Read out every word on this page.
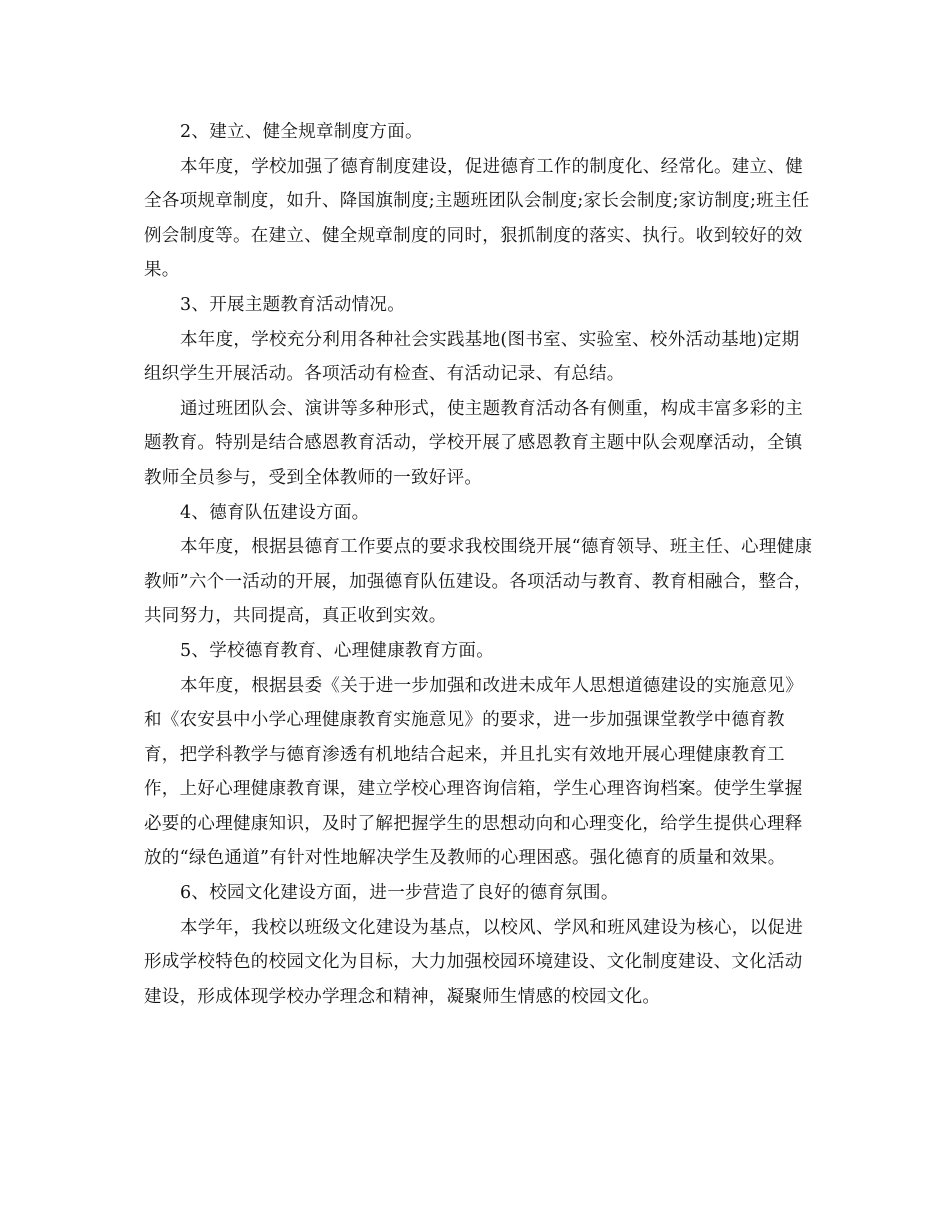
2、建立、健全规章制度方面。

本年度，学校加强了德育制度建设，促进德育工作的制度化、经常化。建立、健全各项规章制度，如升、降国旗制度;主题班团队会制度;家长会制度;家访制度;班主任例会制度等。在建立、健全规章制度的同时，狠抓制度的落实、执行。收到较好的效果。

3、开展主题教育活动情况。

本年度，学校充分利用各种社会实践基地(图书室、实验室、校外活动基地)定期组织学生开展活动。各项活动有检查、有活动记录、有总结。

通过班团队会、演讲等多种形式，使主题教育活动各有侧重，构成丰富多彩的主题教育。特别是结合感恩教育活动，学校开展了感恩教育主题中队会观摩活动，全镇教师全员参与，受到全体教师的一致好评。

4、德育队伍建设方面。

本年度，根据县德育工作要点的要求我校围绕开展“德育领导、班主任、心理健康教师”六个一活动的开展，加强德育队伍建设。各项活动与教育、教育相融合，整合，共同努力，共同提高，真正收到实效。

5、学校德育教育、心理健康教育方面。

本年度，根据县委《关于进一步加强和改进未成年人思想道德建设的实施意见》和《农安县中小学心理健康教育实施意见》的要求，进一步加强课堂教学中德育教育，把学科教学与德育渗透有机地结合起来，并且扎实有效地开展心理健康教育工作，上好心理健康教育课，建立学校心理咨询信箱，学生心理咨询档案。使学生掌握必要的心理健康知识，及时了解把握学生的思想动向和心理变化，给学生提供心理释放的“绿色通道”有针对性地解决学生及教师的心理困惑。强化德育的质量和效果。

6、校园文化建设方面，进一步营造了良好的德育氛围。

本学年，我校以班级文化建设为基点，以校风、学风和班风建设为核心，以促进形成学校特色的校园文化为目标，大力加强校园环境建设、文化制度建设、文化活动建设，形成体现学校办学理念和精神，凝聚师生情感的校园文化。
